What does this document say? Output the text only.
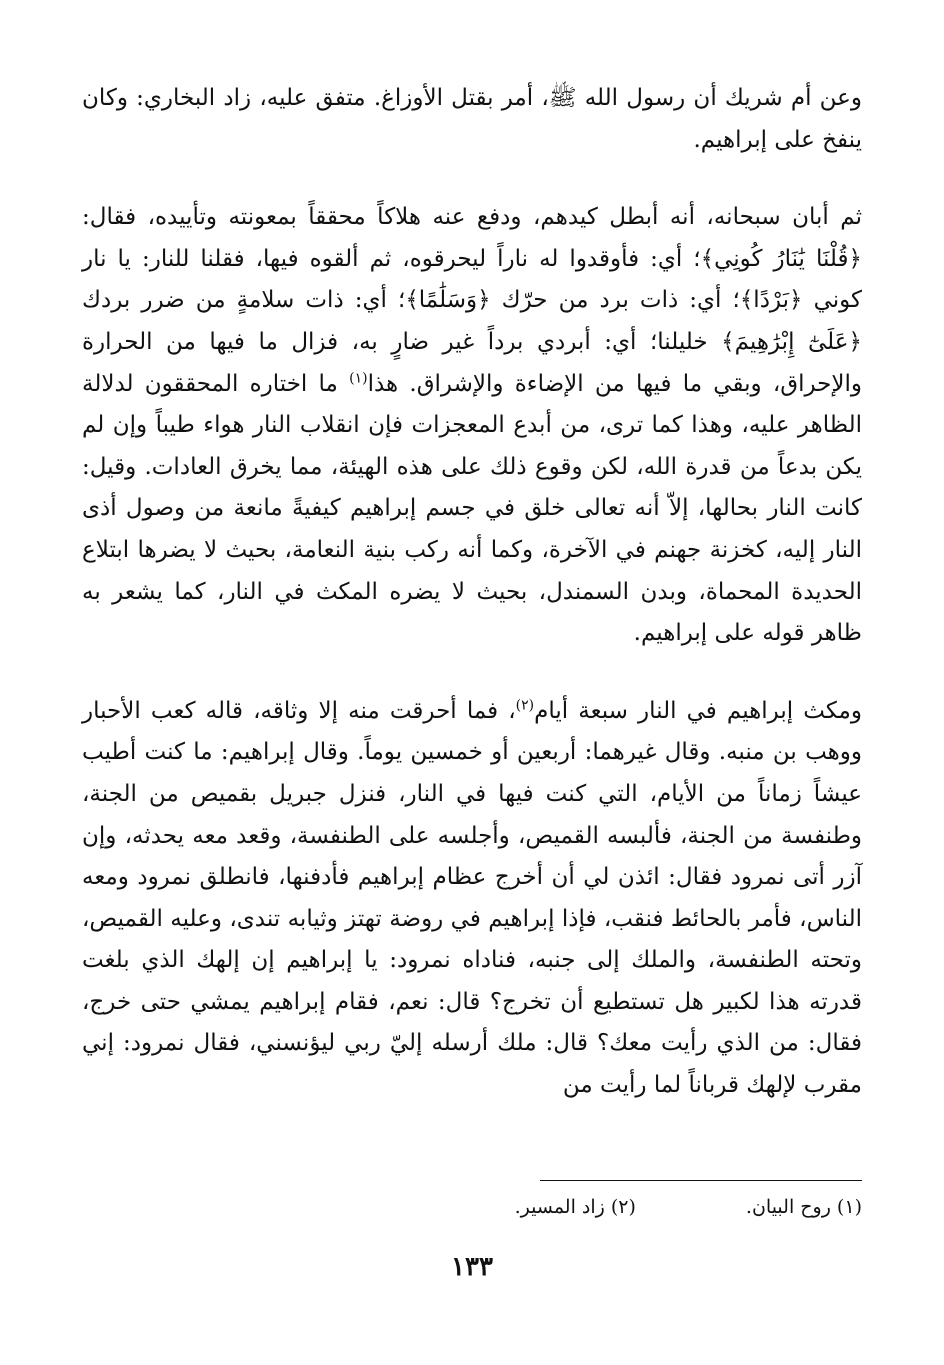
وعن أم شريك أن رسول الله ﷺ، أمر بقتل الأوزاغ. متفق عليه، زاد البخاري: وكان ينفخ على إبراهيم.

ثم أبان سبحانه، أنه أبطل كيدهم، ودفع عنه هلاكاً محققاً بمعونته وتأييده، فقال: ﴿قُلْنَا يَٰنَارُ كُونِي﴾؛ أي: فأوقدوا له ناراً ليحرقوه، ثم ألقوه فيها، فقلنا للنار: يا نار كوني ﴿بَرْدًا﴾؛ أي: ذات برد من حرّك ﴿وَسَلَٰمًا﴾؛ أي: ذات سلامةٍ من ضرر بردك ﴿عَلَىٰٓ إِبْرَٰهِيمَ﴾ خليلنا؛ أي: أبردي برداً غير ضارٍ به، فزال ما فيها من الحرارة والإحراق، وبقي ما فيها من الإضاءة والإشراق. هذا$^{(١)}$ ما اختاره المحققون لدلالة الظاهر عليه، وهذا كما ترى، من أبدع المعجزات فإن انقلاب النار هواء طيباً وإن لم يكن بدعاً من قدرة الله، لكن وقوع ذلك على هذه الهيئة، مما يخرق العادات. وقيل: كانت النار بحالها، إلاّ أنه تعالى خلق في جسم إبراهيم كيفيةً مانعة من وصول أذى النار إليه، كخزنة جهنم في الآخرة، وكما أنه ركب بنية النعامة، بحيث لا يضرها ابتلاع الحديدة المحماة، وبدن السمندل، بحيث لا يضره المكث في النار، كما يشعر به ظاهر قوله على إبراهيم.

ومكث إبراهيم في النار سبعة أيام$^{(٢)}$، فما أحرقت منه إلا وثاقه، قاله كعب الأحبار ووهب بن منبه. وقال غيرهما: أربعين أو خمسين يوماً. وقال إبراهيم: ما كنت أطيب عيشاً زماناً من الأيام، التي كنت فيها في النار، فنزل جبريل بقميص من الجنة، وطنفسة من الجنة، فألبسه القميص، وأجلسه على الطنفسة، وقعد معه يحدثه، وإن آزر أتى نمرود فقال: ائذن لي أن أخرج عظام إبراهيم فأدفنها، فانطلق نمرود ومعه الناس، فأمر بالحائط فنقب، فإذا إبراهيم في روضة تهتز وثيابه تندى، وعليه القميص، وتحته الطنفسة، والملك إلى جنبه، فناداه نمرود: يا إبراهيم إن إلهك الذي بلغت قدرته هذا لكبير هل تستطيع أن تخرج؟ قال: نعم، فقام إبراهيم يمشي حتى خرج، فقال: من الذي رأيت معك؟ قال: ملك أرسله إليّ ربي ليؤنسني، فقال نمرود: إني مقرب لإلهك قرباناً لما رأيت من

(١) روح البيان.
(٢) زاد المسير.
١٣٣
